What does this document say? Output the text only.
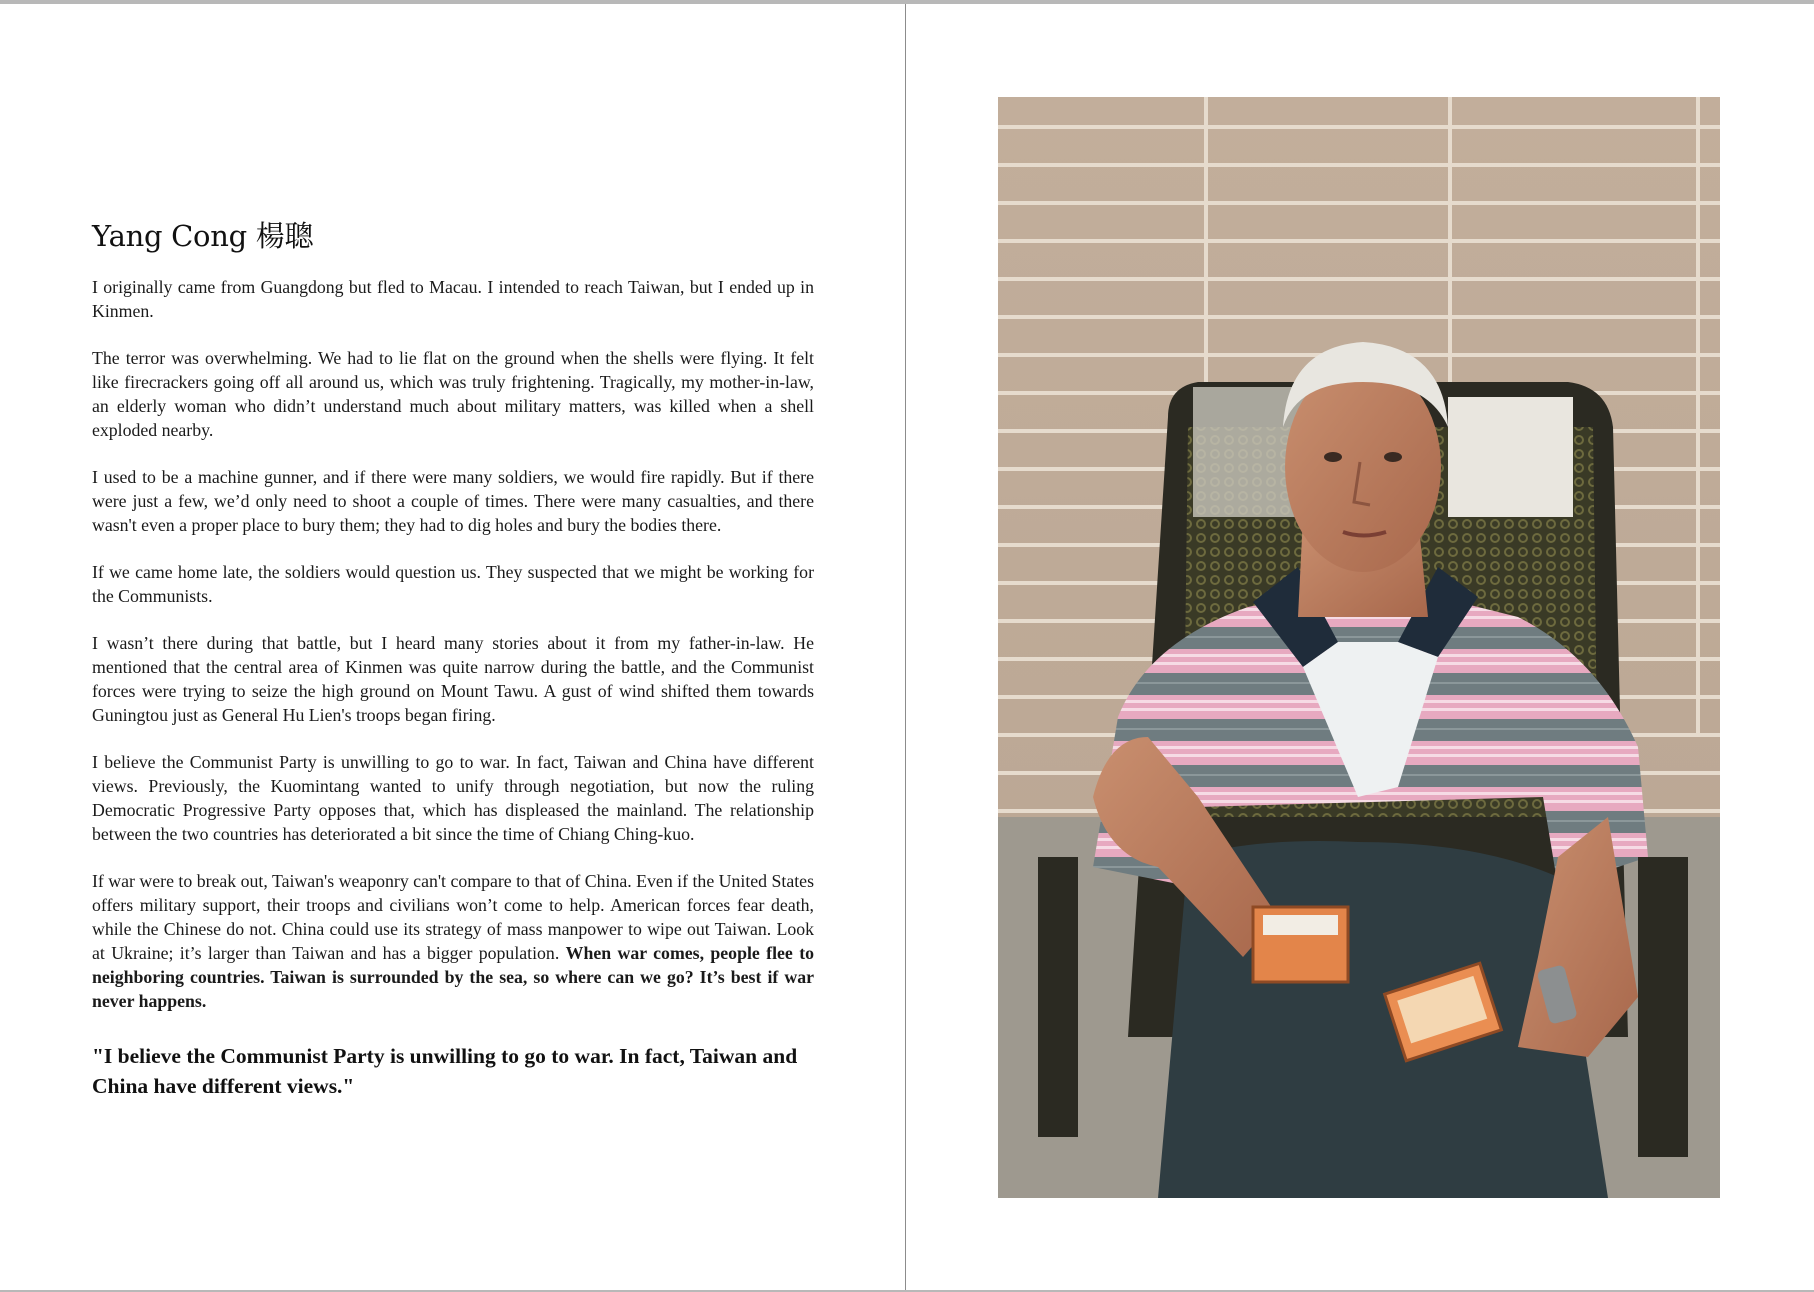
Yang Cong 楊聰

I originally came from Guangdong but fled to Macau. I intended to reach Taiwan, but I ended up in Kinmen.

The terror was overwhelming. We had to lie flat on the ground when the shells were flying. It felt like firecrackers going off all around us, which was truly frightening. Tragically, my mother-in-law, an elderly woman who didn’t understand much about military matters, was killed when a shell exploded nearby.

I used to be a machine gunner, and if there were many soldiers, we would fire rapidly. But if there were just a few, we’d only need to shoot a couple of times. There were many casualties, and there wasn't even a proper place to bury them; they had to dig holes and bury the bodies there.

If we came home late, the soldiers would question us. They suspected that we might be working for the Communists.

I wasn’t there during that battle, but I heard many stories about it from my father-in-law. He mentioned that the central area of Kinmen was quite narrow during the battle, and the Communist forces were trying to seize the high ground on Mount Tawu. A gust of wind shifted them towards Guningtou just as General Hu Lien's troops began firing.

I believe the Communist Party is unwilling to go to war. In fact, Taiwan and China have different views. Previously, the Kuomintang wanted to unify through negotiation, but now the ruling Democratic Progressive Party opposes that, which has displeased the mainland. The relationship between the two countries has deteriorated a bit since the time of Chiang Ching-kuo.

If war were to break out, Taiwan's weaponry can't compare to that of China. Even if the United States offers military support, their troops and civilians won’t come to help. American forces fear death, while the Chinese do not. China could use its strategy of mass manpower to wipe out Taiwan. Look at Ukraine; it’s larger than Taiwan and has a bigger population. When war comes, people flee to neighboring countries. Taiwan is surrounded by the sea, so where can we go? It’s best if war never happens.

"I believe the Communist Party is unwilling to go to war. In fact, Taiwan and China have different views."
